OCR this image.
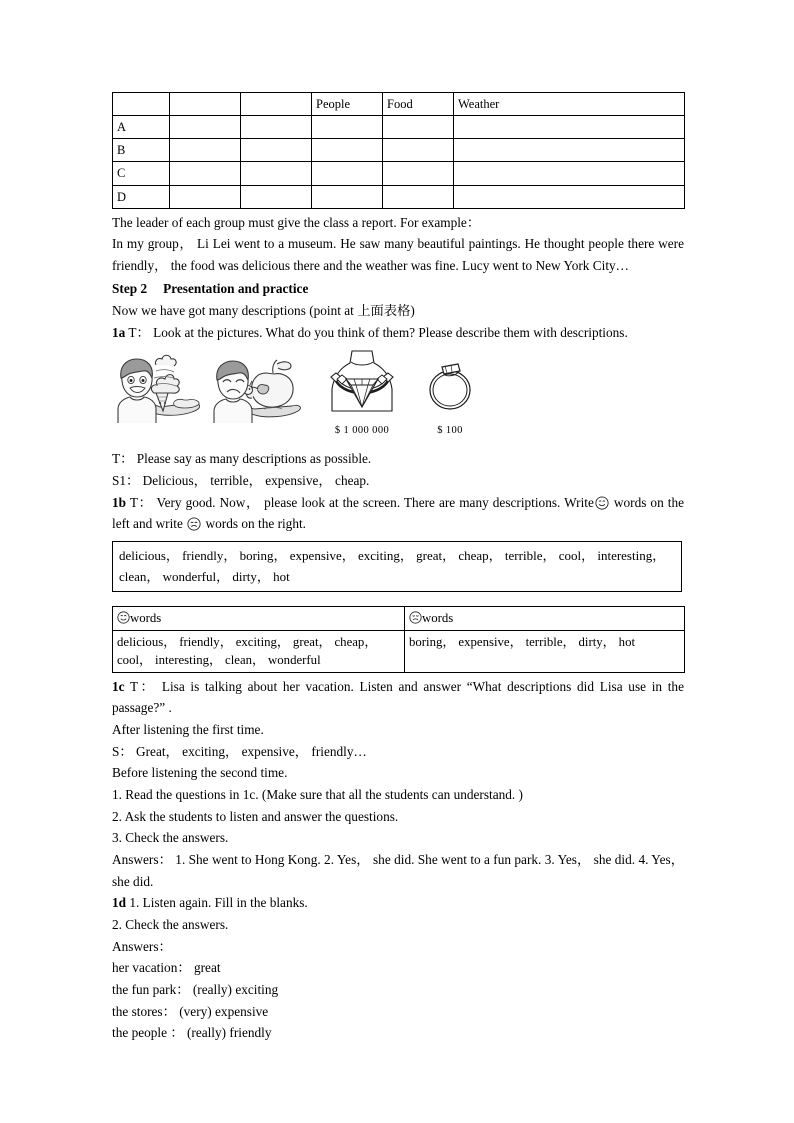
			People	Food	Weather
A					
B					
C					
D					

The leader of each group must give the class a report. For example：

In my group， Li Lei went to a museum. He saw many beautiful paintings. He thought people there were friendly， the food was delicious there and the weather was fine. Lucy went to New York City…

Step 2 Presentation and practice

Now we have got many descriptions (point at 上面表格)

1a T： Look at the pictures. What do you think of them? Please describe them with descriptions.

$ 1 000 000	$ 100

T： Please say as many descriptions as possible.

S1： Delicious， terrible， expensive， cheap.

1b T： Very good. Now， please look at the screen. There are many descriptions. Write words on the left and write words on the right.

delicious， friendly， boring， expensive， exciting， great， cheap， terrible， cool， interesting， clean， wonderful， dirty， hot
words	words
delicious， friendly， exciting， great， cheap， cool， interesting， clean， wonderful	boring， expensive， terrible， dirty， hot

1c T： Lisa is talking about her vacation. Listen and answer “What descriptions did Lisa use in the passage?” .

After listening the first time.

S： Great， exciting， expensive， friendly…

Before listening the second time.

1. Read the questions in 1c. (Make sure that all the students can understand. )

2. Ask the students to listen and answer the questions.

3. Check the answers.

Answers： 1. She went to Hong Kong. 2. Yes， she did. She went to a fun park. 3. Yes， she did. 4. Yes， she did.

1d 1. Listen again. Fill in the blanks.

2. Check the answers.

Answers：

her vacation： great

the fun park： (really) exciting

the stores： (very) expensive

the people ： (really) friendly
